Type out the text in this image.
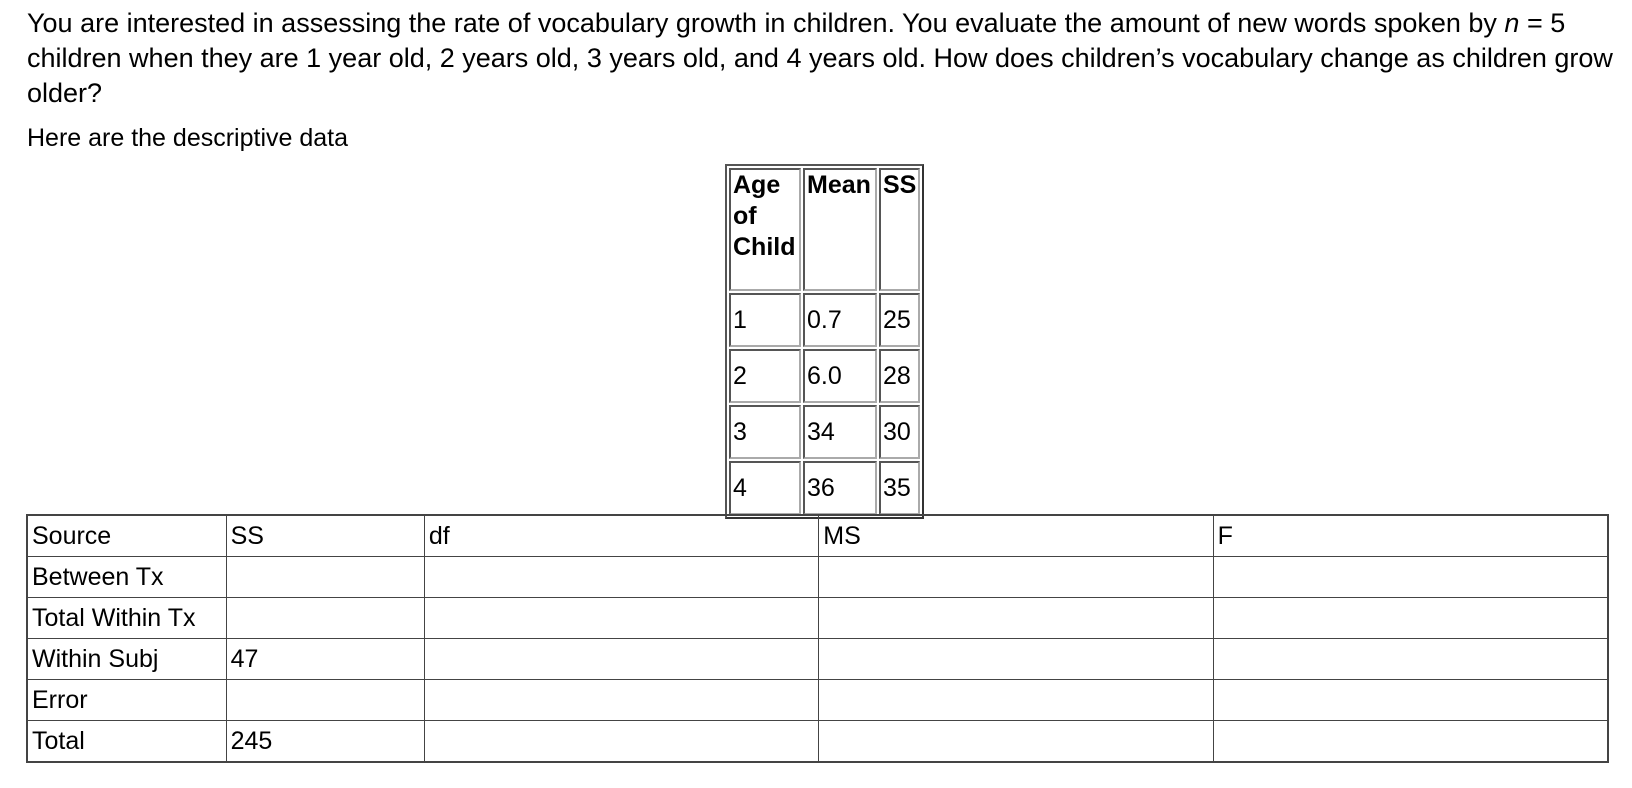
You are interested in assessing the rate of vocabulary growth in children. You evaluate the amount of new words spoken by n = 5 children when they are 1 year old, 2 years old, 3 years old, and 4 years old. How does children’s vocabulary change as children grow older?

Here are the descriptive data

Age of Child	Mean	SS
1	0.7	25
2	6.0	28
3	34	30
4	36	35
Source	SS	df	MS	F
Between Tx				
Total Within Tx				
Within Subj	47			
Error				
Total	245			
